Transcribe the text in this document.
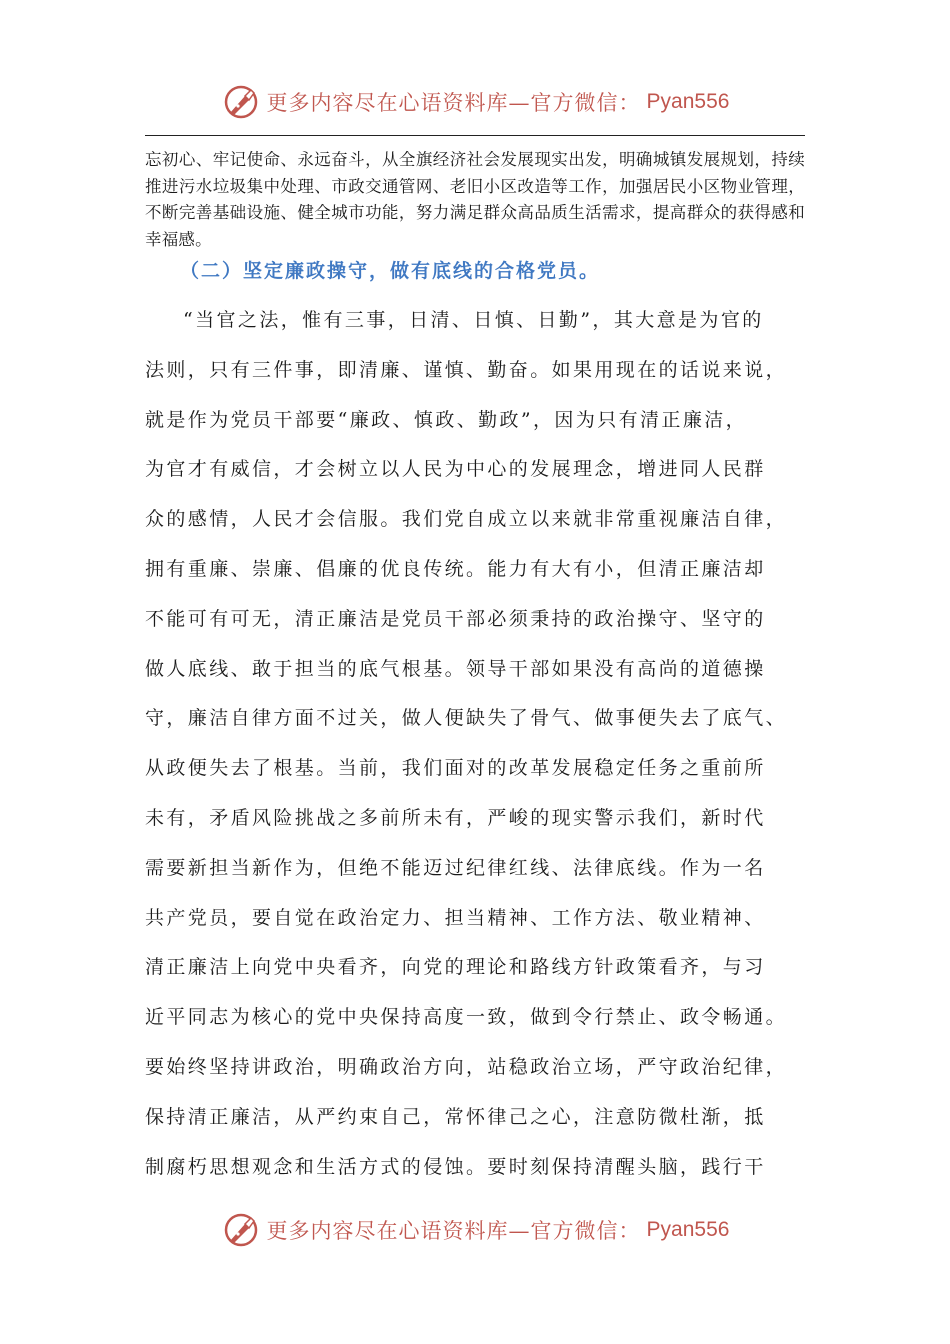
更多内容尽在心语资料库—官方微信： Pyan556

忘初心、牢记使命、永远奋斗，从全旗经济社会发展现实出发，明确城镇发展规划，持续推进污水垃圾集中处理、市政交通管网、老旧小区改造等工作，加强居民小区物业管理，不断完善基础设施、健全城市功能，努力满足群众高品质生活需求，提高群众的获得感和幸福感。

（二）坚定廉政操守，做有底线的合格党员。
“当官之法，惟有三事，日清、日慎、日勤”，其大意是为官的
法则，只有三件事，即清廉、谨慎、勤奋。如果用现在的话说来说，
就是作为党员干部要“廉政、慎政、勤政”，因为只有清正廉洁，
为官才有威信，才会树立以人民为中心的发展理念，增进同人民群
众的感情，人民才会信服。我们党自成立以来就非常重视廉洁自律，
拥有重廉、崇廉、倡廉的优良传统。能力有大有小，但清正廉洁却
不能可有可无，清正廉洁是党员干部必须秉持的政治操守、坚守的
做人底线、敢于担当的底气根基。领导干部如果没有高尚的道德操
守，廉洁自律方面不过关，做人便缺失了骨气、做事便失去了底气、
从政便失去了根基。当前，我们面对的改革发展稳定任务之重前所
未有，矛盾风险挑战之多前所未有，严峻的现实警示我们，新时代
需要新担当新作为，但绝不能迈过纪律红线、法律底线。作为一名
共产党员，要自觉在政治定力、担当精神、工作方法、敬业精神、
清正廉洁上向党中央看齐，向党的理论和路线方针政策看齐，与习
近平同志为核心的党中央保持高度一致，做到令行禁止、政令畅通。
要始终坚持讲政治，明确政治方向，站稳政治立场，严守政治纪律，
保持清正廉洁，从严约束自己，常怀律己之心，注意防微杜渐，抵
制腐朽思想观念和生活方式的侵蚀。要时刻保持清醒头脑，践行干
更多内容尽在心语资料库—官方微信： Pyan556
